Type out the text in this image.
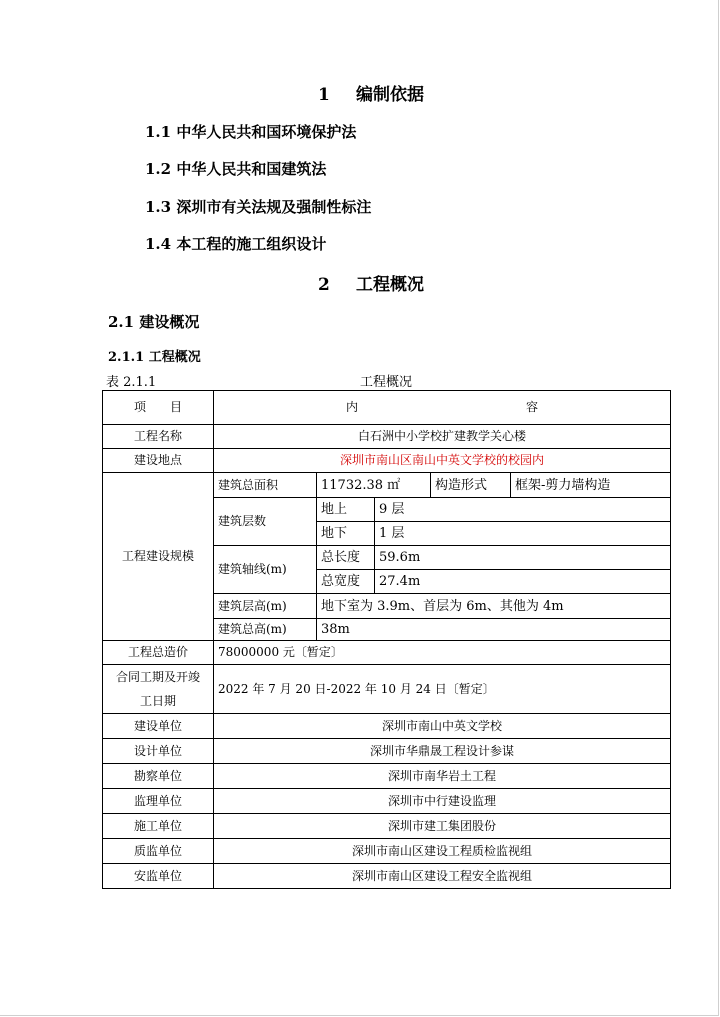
1 编制依据
1.1 中华人民共和国环境保护法
1.2 中华人民共和国建筑法
1.3 深圳市有关法规及强制性标注
1.4 本工程的施工组织设计
2 工程概况
2.1 建设概况
2.1.1 工程概况
表 2.1.1	工程概况
项　　目	内　　　　　　　　　　　　　　容				
工程名称	白石洲中小学校扩建教学关心楼				
建设地点	深圳市南山区南山中英文学校的校园内				
工程建设规模	建筑总面积	11732.38 ㎡		构造形式	框架-剪力墙构造
	建筑层数	地上	9 层		
		地下	1 层		
	建筑轴线(m)	总长度	59.6m		
		总宽度	27.4m		
	建筑层高(m)	地下室为 3.9m、首层为 6m、其他为 4m			
	建筑总高(m)	38m			
工程总造价	78000000 元〔暂定〕				

合同工期及开竣
工日期	2022 年 7 月 20 日-2022 年 10 月 24 日〔暂定〕				
建设单位	深圳市南山中英文学校				
设计单位	深圳市华鼎晟工程设计参谋				
勘察单位	深圳市南华岩土工程				
监理单位	深圳市中行建设监理				
施工单位	深圳市建工集团股份				
质监单位	深圳市南山区建设工程质检监视组				
安监单位	深圳市南山区建设工程安全监视组				
